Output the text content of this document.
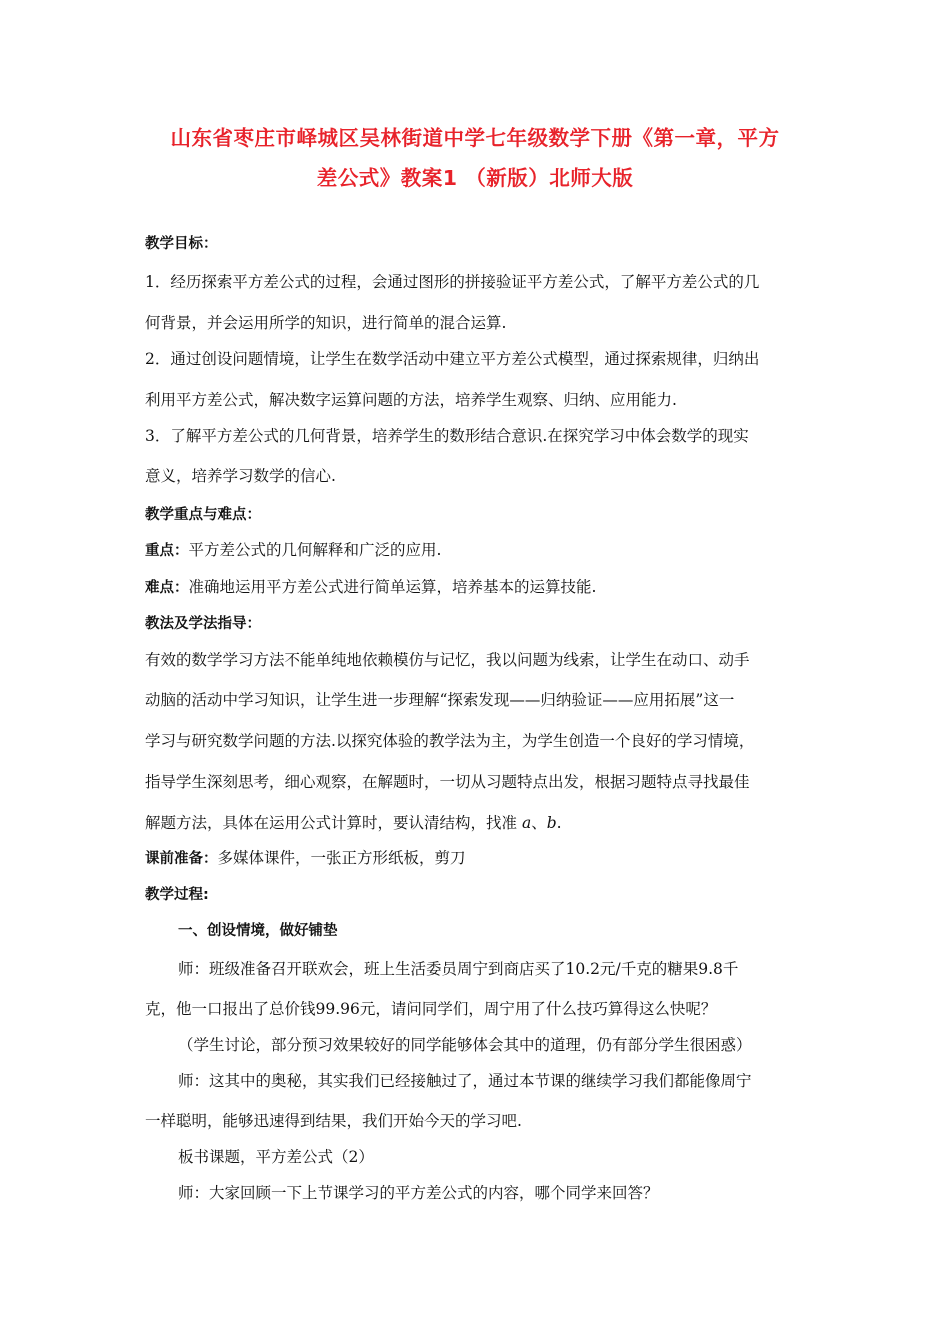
山东省枣庄市峄城区吴林街道中学七年级数学下册《第一章，平方
差公式》教案1 （新版）北师大版
教学目标：
1．经历探索平方差公式的过程，会通过图形的拼接验证平方差公式，了解平方差公式的几
何背景，并会运用所学的知识，进行简单的混合运算.
2．通过创设问题情境，让学生在数学活动中建立平方差公式模型，通过探索规律，归纳出
利用平方差公式，解决数字运算问题的方法，培养学生观察、归纳、应用能力.
3．了解平方差公式的几何背景，培养学生的数形结合意识.在探究学习中体会数学的现实
意义，培养学习数学的信心.
教学重点与难点：
重点：平方差公式的几何解释和广泛的应用.
难点：准确地运用平方差公式进行简单运算，培养基本的运算技能.
教法及学法指导：
有效的数学学习方法不能单纯地依赖模仿与记忆，我以问题为线索，让学生在动口、动手
动脑的活动中学习知识，让学生进一步理解“探索发现——归纳验证——应用拓展”这一
学习与研究数学问题的方法.以探究体验的教学法为主，为学生创造一个良好的学习情境，
指导学生深刻思考，细心观察，在解题时，一切从习题特点出发，根据习题特点寻找最佳
解题方法，具体在运用公式计算时，要认清结构，找准 a、b.
课前准备：多媒体课件，一张正方形纸板，剪刀
教学过程:
一、创设情境，做好铺垫
师：班级准备召开联欢会，班上生活委员周宁到商店买了10.2元/千克的糖果9.8千
克，他一口报出了总价钱99.96元，请问同学们，周宁用了什么技巧算得这么快呢？
（学生讨论，部分预习效果较好的同学能够体会其中的道理，仍有部分学生很困惑）
师：这其中的奥秘，其实我们已经接触过了，通过本节课的继续学习我们都能像周宁
一样聪明，能够迅速得到结果，我们开始今天的学习吧.
板书课题，平方差公式（2）
师：大家回顾一下上节课学习的平方差公式的内容，哪个同学来回答？
